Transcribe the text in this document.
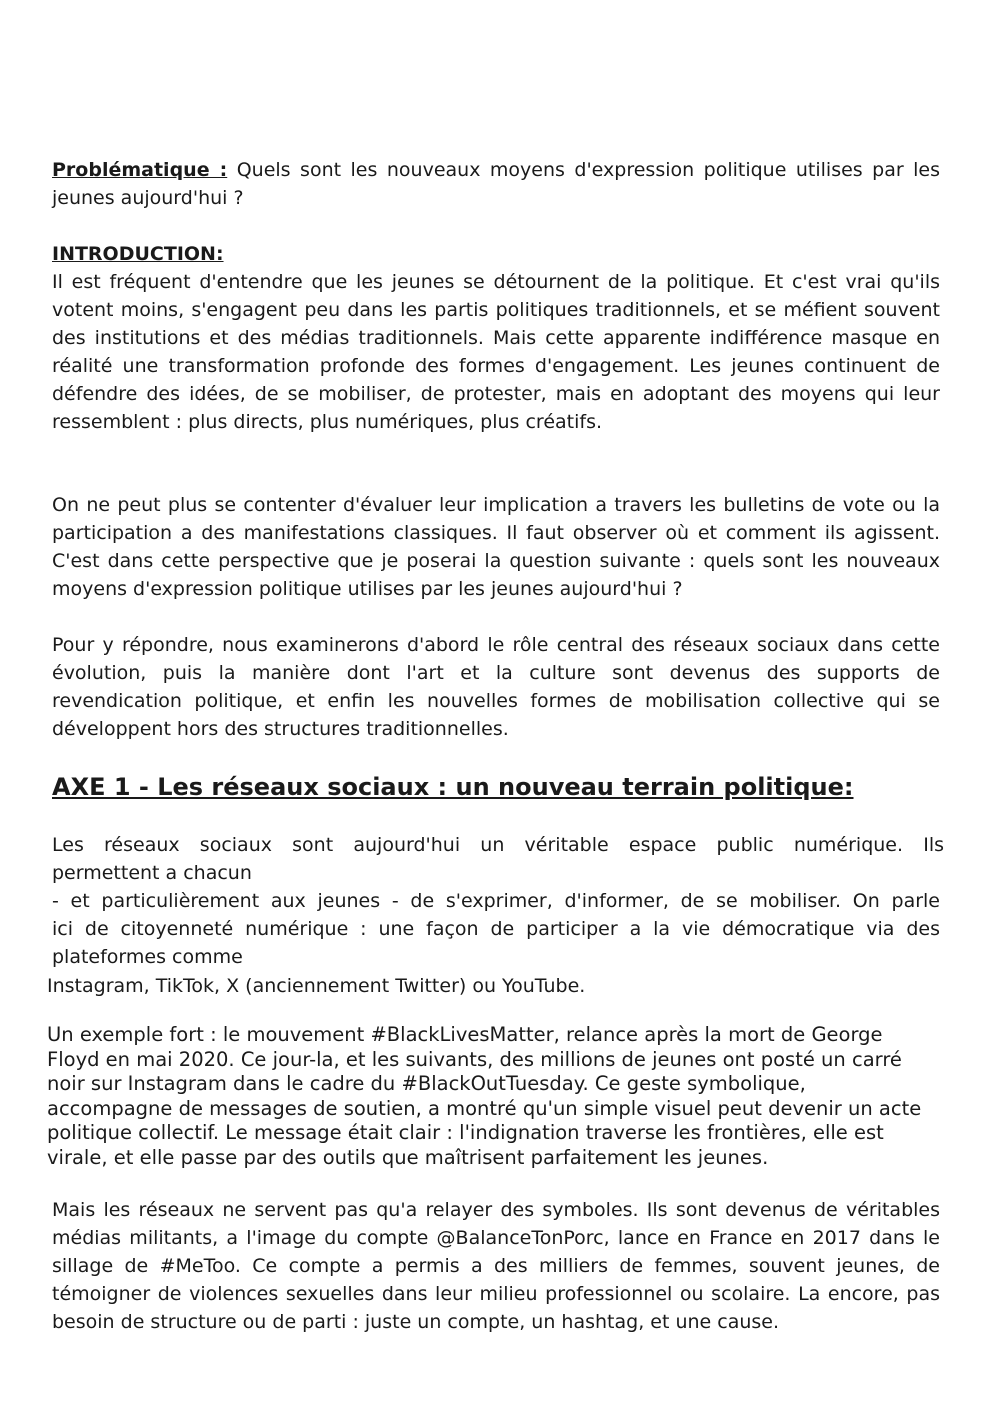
Problématique : Quels sont les nouveaux moyens d'expression politique utilises par les jeunes aujourd'hui ?

INTRODUCTION:

Il est fréquent d'entendre que les jeunes se détournent de la politique. Et c'est vrai qu'ils votent moins, s'engagent peu dans les partis politiques traditionnels, et se méfient souvent des institutions et des médias traditionnels. Mais cette apparente indifférence masque en réalité une transformation profonde des formes d'engagement. Les jeunes continuent de défendre des idées, de se mobiliser, de protester, mais en adoptant des moyens qui leur ressemblent : plus directs, plus numériques, plus créatifs.

On ne peut plus se contenter d'évaluer leur implication a travers les bulletins de vote ou la participation a des manifestations classiques. Il faut observer où et comment ils agissent. C'est dans cette perspective que je poserai la question suivante : quels sont les nouveaux moyens d'expression politique utilises par les jeunes aujourd'hui ?

Pour y répondre, nous examinerons d'abord le rôle central des réseaux sociaux dans cette évolution, puis la manière dont l'art et la culture sont devenus des supports de revendication politique, et enfin les nouvelles formes de mobilisation collective qui se développent hors des structures traditionnelles.

AXE 1 - Les réseaux sociaux : un nouveau terrain politique:
Les réseaux sociaux sont aujourd'hui un véritable espace public numérique. Ils
permettent a chacun
- et particulièrement aux jeunes - de s'exprimer, d'informer, de se mobiliser. On parle
ici de citoyenneté numérique : une façon de participer a la vie démocratique via des
plateformes comme
Instagram, TikTok, X (anciennement Twitter) ou YouTube.
Un exemple fort : le mouvement #BlackLivesMatter, relance après la mort de George
Floyd en mai 2020. Ce jour-la, et les suivants, des millions de jeunes ont posté un carré
noir sur Instagram dans le cadre du #BlackOutTuesday. Ce geste symbolique,
accompagne de messages de soutien, a montré qu'un simple visuel peut devenir un acte
politique collectif. Le message était clair : l'indignation traverse les frontières, elle est
virale, et elle passe par des outils que maîtrisent parfaitement les jeunes.

Mais les réseaux ne servent pas qu'a relayer des symboles. Ils sont devenus de véritables médias militants, a l'image du compte @BalanceTonPorc, lance en France en 2017 dans le sillage de #MeToo. Ce compte a permis a des milliers de femmes, souvent jeunes, de témoigner de violences sexuelles dans leur milieu professionnel ou scolaire. La encore, pas besoin de structure ou de parti : juste un compte, un hashtag, et une cause.
